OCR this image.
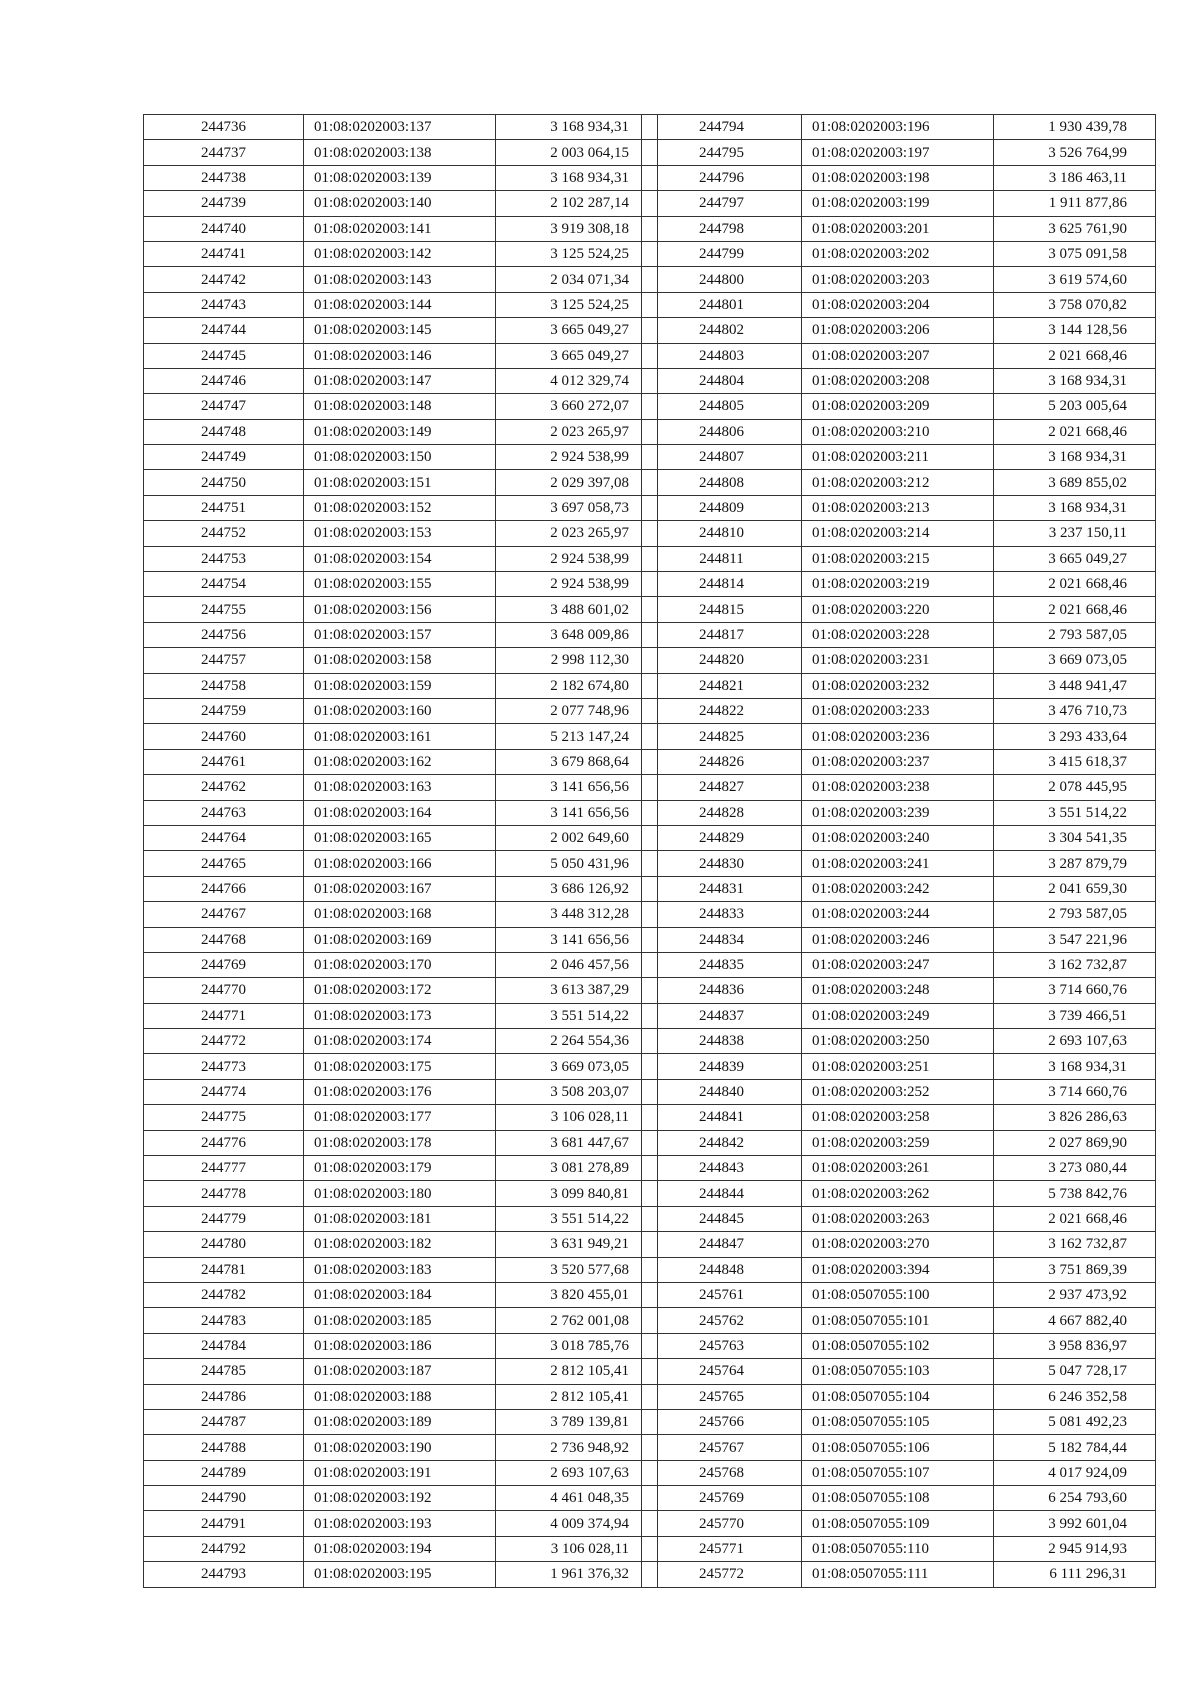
244736	01:08:0202003:137	3 168 934,31
244737	01:08:0202003:138	2 003 064,15
244738	01:08:0202003:139	3 168 934,31
244739	01:08:0202003:140	2 102 287,14
244740	01:08:0202003:141	3 919 308,18
244741	01:08:0202003:142	3 125 524,25
244742	01:08:0202003:143	2 034 071,34
244743	01:08:0202003:144	3 125 524,25
244744	01:08:0202003:145	3 665 049,27
244745	01:08:0202003:146	3 665 049,27
244746	01:08:0202003:147	4 012 329,74
244747	01:08:0202003:148	3 660 272,07
244748	01:08:0202003:149	2 023 265,97
244749	01:08:0202003:150	2 924 538,99
244750	01:08:0202003:151	2 029 397,08
244751	01:08:0202003:152	3 697 058,73
244752	01:08:0202003:153	2 023 265,97
244753	01:08:0202003:154	2 924 538,99
244754	01:08:0202003:155	2 924 538,99
244755	01:08:0202003:156	3 488 601,02
244756	01:08:0202003:157	3 648 009,86
244757	01:08:0202003:158	2 998 112,30
244758	01:08:0202003:159	2 182 674,80
244759	01:08:0202003:160	2 077 748,96
244760	01:08:0202003:161	5 213 147,24
244761	01:08:0202003:162	3 679 868,64
244762	01:08:0202003:163	3 141 656,56
244763	01:08:0202003:164	3 141 656,56
244764	01:08:0202003:165	2 002 649,60
244765	01:08:0202003:166	5 050 431,96
244766	01:08:0202003:167	3 686 126,92
244767	01:08:0202003:168	3 448 312,28
244768	01:08:0202003:169	3 141 656,56
244769	01:08:0202003:170	2 046 457,56
244770	01:08:0202003:172	3 613 387,29
244771	01:08:0202003:173	3 551 514,22
244772	01:08:0202003:174	2 264 554,36
244773	01:08:0202003:175	3 669 073,05
244774	01:08:0202003:176	3 508 203,07
244775	01:08:0202003:177	3 106 028,11
244776	01:08:0202003:178	3 681 447,67
244777	01:08:0202003:179	3 081 278,89
244778	01:08:0202003:180	3 099 840,81
244779	01:08:0202003:181	3 551 514,22
244780	01:08:0202003:182	3 631 949,21
244781	01:08:0202003:183	3 520 577,68
244782	01:08:0202003:184	3 820 455,01
244783	01:08:0202003:185	2 762 001,08
244784	01:08:0202003:186	3 018 785,76
244785	01:08:0202003:187	2 812 105,41
244786	01:08:0202003:188	2 812 105,41
244787	01:08:0202003:189	3 789 139,81
244788	01:08:0202003:190	2 736 948,92
244789	01:08:0202003:191	2 693 107,63
244790	01:08:0202003:192	4 461 048,35
244791	01:08:0202003:193	4 009 374,94
244792	01:08:0202003:194	3 106 028,11
244793	01:08:0202003:195	1 961 376,32
244794	01:08:0202003:196	1 930 439,78
244795	01:08:0202003:197	3 526 764,99
244796	01:08:0202003:198	3 186 463,11
244797	01:08:0202003:199	1 911 877,86
244798	01:08:0202003:201	3 625 761,90
244799	01:08:0202003:202	3 075 091,58
244800	01:08:0202003:203	3 619 574,60
244801	01:08:0202003:204	3 758 070,82
244802	01:08:0202003:206	3 144 128,56
244803	01:08:0202003:207	2 021 668,46
244804	01:08:0202003:208	3 168 934,31
244805	01:08:0202003:209	5 203 005,64
244806	01:08:0202003:210	2 021 668,46
244807	01:08:0202003:211	3 168 934,31
244808	01:08:0202003:212	3 689 855,02
244809	01:08:0202003:213	3 168 934,31
244810	01:08:0202003:214	3 237 150,11
244811	01:08:0202003:215	3 665 049,27
244814	01:08:0202003:219	2 021 668,46
244815	01:08:0202003:220	2 021 668,46
244817	01:08:0202003:228	2 793 587,05
244820	01:08:0202003:231	3 669 073,05
244821	01:08:0202003:232	3 448 941,47
244822	01:08:0202003:233	3 476 710,73
244825	01:08:0202003:236	3 293 433,64
244826	01:08:0202003:237	3 415 618,37
244827	01:08:0202003:238	2 078 445,95
244828	01:08:0202003:239	3 551 514,22
244829	01:08:0202003:240	3 304 541,35
244830	01:08:0202003:241	3 287 879,79
244831	01:08:0202003:242	2 041 659,30
244833	01:08:0202003:244	2 793 587,05
244834	01:08:0202003:246	3 547 221,96
244835	01:08:0202003:247	3 162 732,87
244836	01:08:0202003:248	3 714 660,76
244837	01:08:0202003:249	3 739 466,51
244838	01:08:0202003:250	2 693 107,63
244839	01:08:0202003:251	3 168 934,31
244840	01:08:0202003:252	3 714 660,76
244841	01:08:0202003:258	3 826 286,63
244842	01:08:0202003:259	2 027 869,90
244843	01:08:0202003:261	3 273 080,44
244844	01:08:0202003:262	5 738 842,76
244845	01:08:0202003:263	2 021 668,46
244847	01:08:0202003:270	3 162 732,87
244848	01:08:0202003:394	3 751 869,39
245761	01:08:0507055:100	2 937 473,92
245762	01:08:0507055:101	4 667 882,40
245763	01:08:0507055:102	3 958 836,97
245764	01:08:0507055:103	5 047 728,17
245765	01:08:0507055:104	6 246 352,58
245766	01:08:0507055:105	5 081 492,23
245767	01:08:0507055:106	5 182 784,44
245768	01:08:0507055:107	4 017 924,09
245769	01:08:0507055:108	6 254 793,60
245770	01:08:0507055:109	3 992 601,04
245771	01:08:0507055:110	2 945 914,93
245772	01:08:0507055:111	6 111 296,31
